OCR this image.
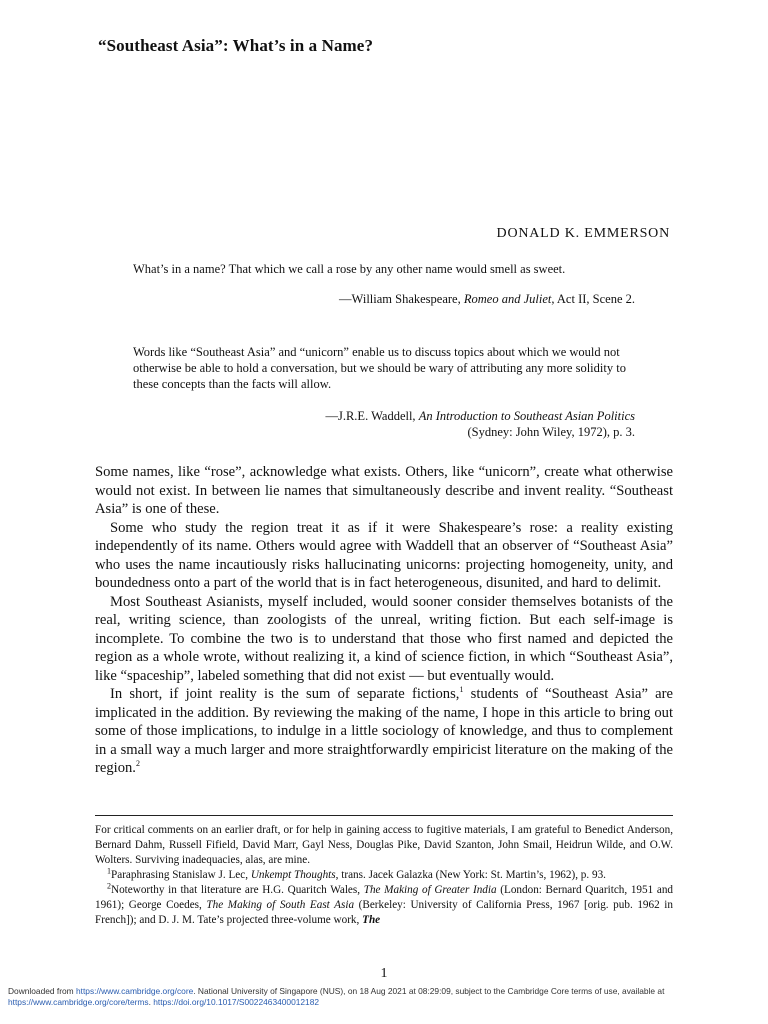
“Southeast Asia”: What’s in a Name?
DONALD K. EMMERSON
What’s in a name? That which we call a rose by any other name would smell as sweet.
—William Shakespeare, Romeo and Juliet, Act II, Scene 2.
Words like “Southeast Asia” and “unicorn” enable us to discuss topics about which we would not otherwise be able to hold a conversation, but we should be wary of attributing any more solidity to these concepts than the facts will allow.
—J.R.E. Waddell, An Introduction to Southeast Asian Politics
(Sydney: John Wiley, 1972), p. 3.

Some names, like “rose”, acknowledge what exists. Others, like “unicorn”, create what otherwise would not exist. In between lie names that simultaneously describe and invent reality. “Southeast Asia” is one of these.

Some who study the region treat it as if it were Shakespeare’s rose: a reality existing independently of its name. Others would agree with Waddell that an observer of “Southeast Asia” who uses the name incautiously risks hallucinating unicorns: projecting homogeneity, unity, and boundedness onto a part of the world that is in fact heterogeneous, disunited, and hard to delimit.

Most Southeast Asianists, myself included, would sooner consider themselves botanists of the real, writing science, than zoologists of the unreal, writing fiction. But each self-image is incomplete. To combine the two is to understand that those who first named and depicted the region as a whole wrote, without realizing it, a kind of science fiction, in which “Southeast Asia”, like “spaceship”, labeled something that did not exist — but eventually would.

In short, if joint reality is the sum of separate fictions,$^1$ students of “Southeast Asia” are implicated in the addition. By reviewing the making of the name, I hope in this article to bring out some of those implications, to indulge in a little sociology of knowledge, and thus to complement in a small way a much larger and more straightforwardly empiricist literature on the making of the region.$^2$

For critical comments on an earlier draft, or for help in gaining access to fugitive materials, I am grateful to Benedict Anderson, Bernard Dahm, Russell Fifield, David Marr, Gayl Ness, Douglas Pike, David Szanton, John Smail, Heidrun Wilde, and O.W. Wolters. Surviving inadequacies, alas, are mine.

$^1$Paraphrasing Stanislaw J. Lec, Unkempt Thoughts, trans. Jacek Galazka (New York: St. Martin’s, 1962), p. 93.

$^2$Noteworthy in that literature are H.G. Quaritch Wales, The Making of Greater India (London: Bernard Quaritch, 1951 and 1961); George Coedes, The Making of South East Asia (Berkeley: University of California Press, 1967 [orig. pub. 1962 in French]); and D. J. M. Tate’s projected three-volume work, The

1
Downloaded from https://www.cambridge.org/core. National University of Singapore (NUS), on 18 Aug 2021 at 08:29:09, subject to the Cambridge Core terms of use, available at https://www.cambridge.org/core/terms. https://doi.org/10.1017/S0022463400012182
